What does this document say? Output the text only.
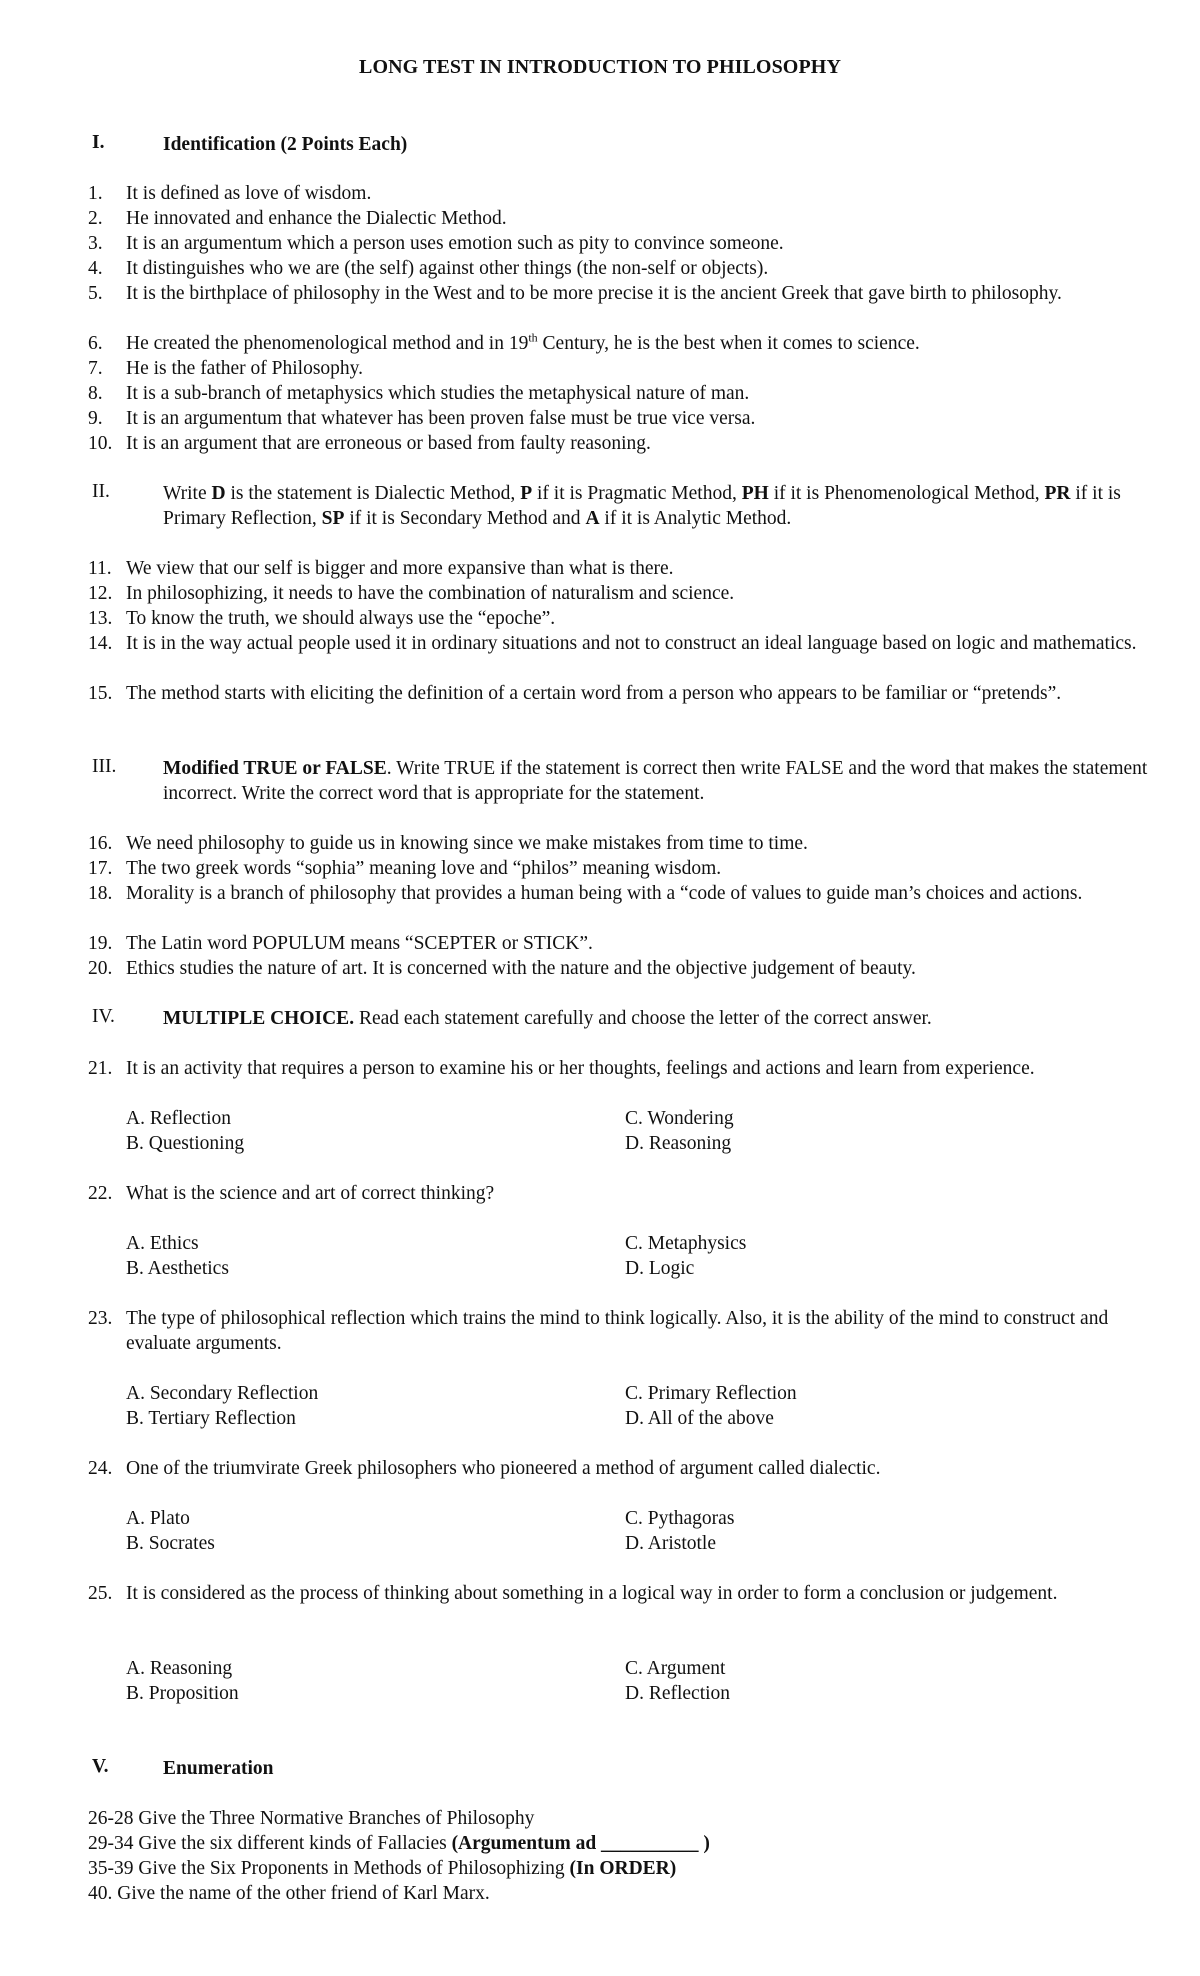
LONG TEST IN INTRODUCTION TO PHILOSOPHY
I.	Identification (2 Points Each)
1.	It is defined as love of wisdom.
2.	He innovated and enhance the Dialectic Method.
3.	It is an argumentum which a person uses emotion such as pity to convince someone.
4.	It distinguishes who we are (the self) against other things (the non-self or objects).
5.	It is the birthplace of philosophy in the West and to be more precise it is the ancient Greek that gave birth to philosophy.
6.	He created the phenomenological method and in 19th Century, he is the best when it comes to science.
7.	He is the father of Philosophy.
8.	It is a sub-branch of metaphysics which studies the metaphysical nature of man.
9.	It is an argumentum that whatever has been proven false must be true vice versa.
10. It is an argument that are erroneous or based from faulty reasoning.
II.	Write D is the statement is Dialectic Method, P if it is Pragmatic Method, PH if it is Phenomenological Method, PR if it is Primary Reflection, SP if it is Secondary Method and A if it is Analytic Method.
11. We view that our self is bigger and more expansive than what is there.
12. In philosophizing, it needs to have the combination of naturalism and science.
13. To know the truth, we should always use the “epoche”.
14. It is in the way actual people used it in ordinary situations and not to construct an ideal language based on logic and mathematics.
15. The method starts with eliciting the definition of a certain word from a person who appears to be familiar or “pretends”.
III. Modified TRUE or FALSE. Write TRUE if the statement is correct then write FALSE and the word that makes the statement incorrect. Write the correct word that is appropriate for the statement.
16. We need philosophy to guide us in knowing since we make mistakes from time to time.
17. The two greek words “sophia” meaning love and “philos” meaning wisdom.
18. Morality is a branch of philosophy that provides a human being with a “code of values to guide man’s choices and actions.
19. The Latin word POPULUM means “SCEPTER or STICK”.
20. Ethics studies the nature of art. It is concerned with the nature and the objective judgement of beauty.
IV. MULTIPLE CHOICE. Read each statement carefully and choose the letter of the correct answer.
21. It is an activity that requires a person to examine his or her thoughts, feelings and actions and learn from experience.
A. Reflection
B. Questioning
C. Wondering
D. Reasoning
22. What is the science and art of correct thinking?
A. Ethics
B. Aesthetics
C. Metaphysics
D. Logic
23. The type of philosophical reflection which trains the mind to think logically. Also, it is the ability of the mind to construct and evaluate arguments.
A. Secondary Reflection
B. Tertiary Reflection
C. Primary Reflection
D. All of the above
24. One of the triumvirate Greek philosophers who pioneered a method of argument called dialectic.
A. Plato
B. Socrates
C. Pythagoras
D. Aristotle
25. It is considered as the process of thinking about something in a logical way in order to form a conclusion or judgement.
A. Reasoning
B. Proposition
C. Argument
D. Reflection
V.	Enumeration
26-28 Give the Three Normative Branches of Philosophy
29-34 Give the six different kinds of Fallacies (Argumentum ad __________ )
35-39 Give the Six Proponents in Methods of Philosophizing (In ORDER)
40. Give the name of the other friend of Karl Marx.
